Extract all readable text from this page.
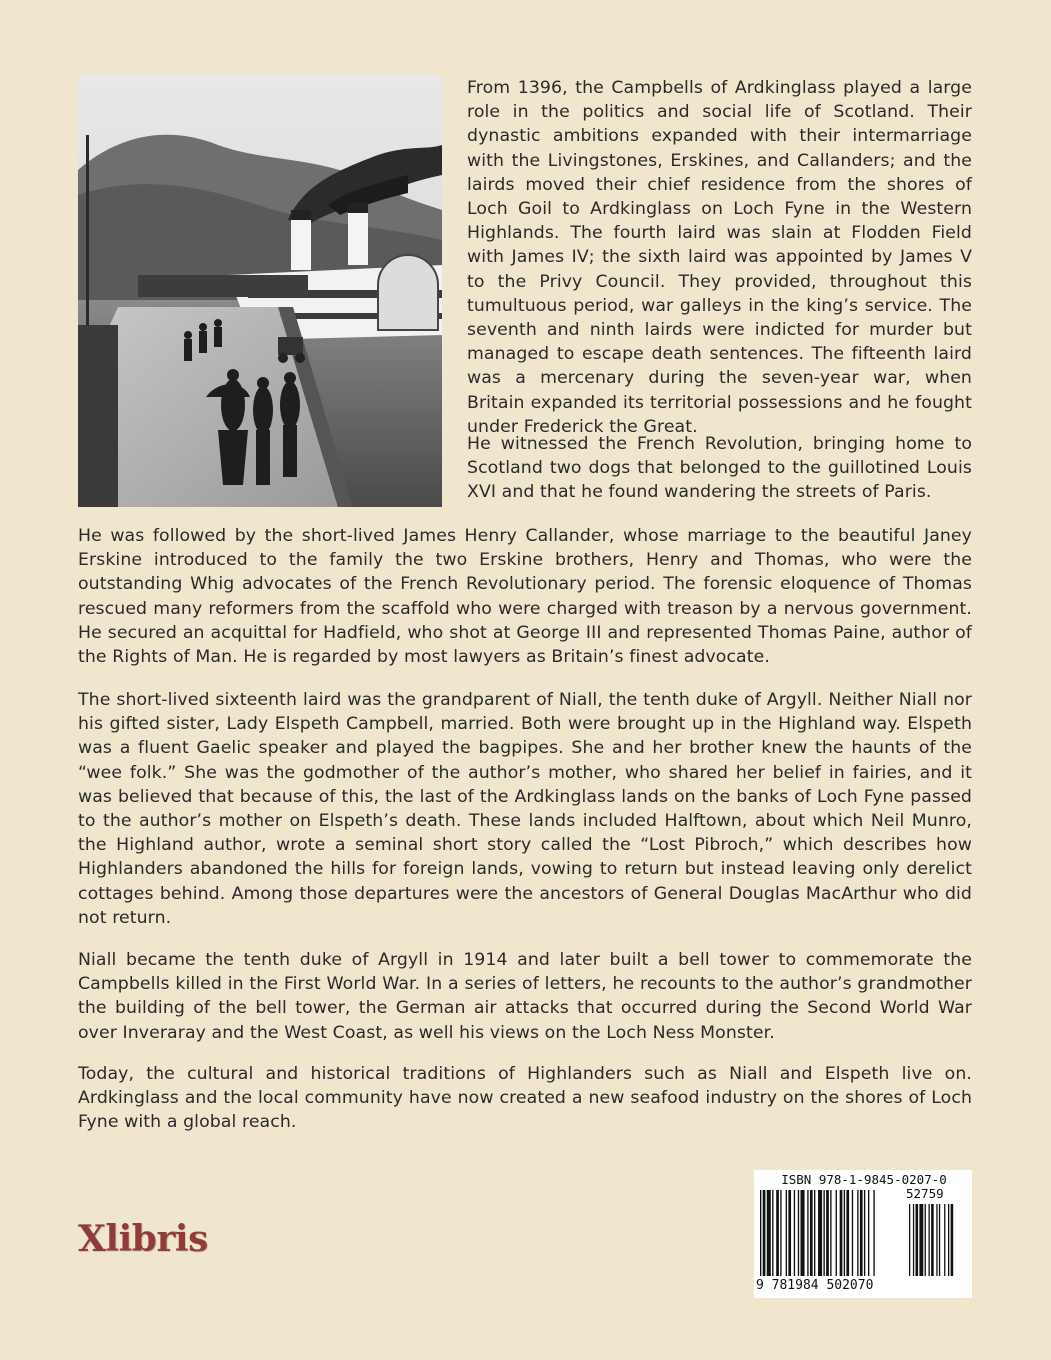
From 1396, the Campbells of Ardkinglass played a large role in the politics and social life of Scotland. Their dynastic ambitions expanded with their intermarriage with the Livingstones, Erskines, and Callanders; and the lairds moved their chief residence from the shores of Loch Goil to Ardkinglass on Loch Fyne in the Western Highlands. The fourth laird was slain at Flodden Field with James IV; the sixth laird was appointed by James V to the Privy Council. They provided, throughout this tumultuous period, war galleys in the king’s service. The seventh and ninth lairds were indicted for murder but managed to escape death sentences. The fifteenth laird was a mercenary during the seven-year war, when Britain expanded its territorial possessions and he fought under Frederick the Great.

He witnessed the French Revolution, bringing home to Scotland two dogs that belonged to the guillotined Louis XVI and that he found wandering the streets of Paris.

He was followed by the short-lived James Henry Callander, whose marriage to the beautiful Janey Erskine introduced to the family the two Erskine brothers, Henry and Thomas, who were the outstanding Whig advocates of the French Revolutionary period. The forensic eloquence of Thomas rescued many reformers from the scaffold who were charged with treason by a nervous government. He secured an acquittal for Hadfield, who shot at George III and represented Thomas Paine, author of the Rights of Man. He is regarded by most lawyers as Britain’s finest advocate.

The short-lived sixteenth laird was the grandparent of Niall, the tenth duke of Argyll. Neither Niall nor his gifted sister, Lady Elspeth Campbell, married. Both were brought up in the Highland way. Elspeth was a fluent Gaelic speaker and played the bagpipes. She and her brother knew the haunts of the “wee folk.” She was the godmother of the author’s mother, who shared her belief in fairies, and it was believed that because of this, the last of the Ardkinglass lands on the banks of Loch Fyne passed to the author’s mother on Elspeth’s death. These lands included Halftown, about which Neil Munro, the Highland author, wrote a seminal short story called the “Lost Pibroch,” which describes how Highlanders abandoned the hills for foreign lands, vowing to return but instead leaving only derelict cottages behind. Among those departures were the ancestors of General Douglas MacArthur who did not return.

Niall became the tenth duke of Argyll in 1914 and later built a bell tower to commemorate the Campbells killed in the First World War. In a series of letters, he recounts to the author’s grandmother the building of the bell tower, the German air attacks that occurred during the Second World War over Inveraray and the West Coast, as well his views on the Loch Ness Monster.

Today, the cultural and historical traditions of Highlanders such as Niall and Elspeth live on. Ardkinglass and the local community have now created a new seafood industry on the shores of Loch Fyne with a global reach.

Xlibris
ISBN 978-1-9845-0207-0
52759
9 781984 502070
